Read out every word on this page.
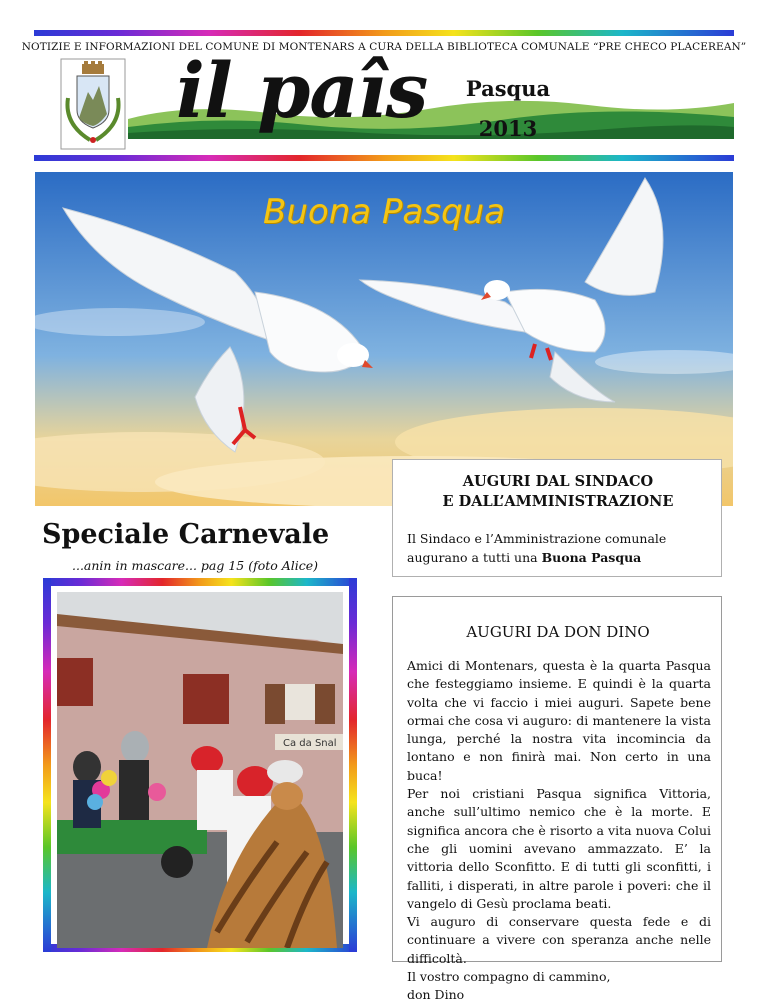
NOTIZIE E INFORMAZIONI DEL COMUNE DI MONTENARS A CURA DELLA BIBLIOTECA COMUNALE “PRE CHECO PLACEREAN”
il paîs	Pasqua
2013
Buona Pasqua
AUGURI DAL SINDACO
E DALL’AMMINISTRAZIONE
Il Sindaco e l’Amministrazione comunale augurano a tutti una Buona Pasqua
Speciale Carnevale
...anin in mascare... pag 15 (foto Alice)
Ca da Snal
AUGURI DA DON DINO

Amici di Montenars, questa è la quarta Pasqua che festeggiamo insieme. E quindi è la quarta volta che vi faccio i miei auguri. Sapete bene ormai che cosa vi auguro: di mantenere la vista lunga, perché la nostra vita incomincia da lontano e non finirà mai. Non certo in una buca!

Per noi cristiani Pasqua significa Vittoria, anche sull’ultimo nemico che è la morte. E significa ancora che è risorto a vita nuova Colui che gli uomini avevano ammazzato. E’ la vittoria dello Sconfitto. E di tutti gli sconfitti, i falliti, i disperati, in altre parole i poveri: che il vangelo di Gesù proclama beati.

Vi auguro di conservare questa fede e di continuare a vivere con speranza anche nelle difficoltà.

Il vostro compagno di cammino,

don Dino
